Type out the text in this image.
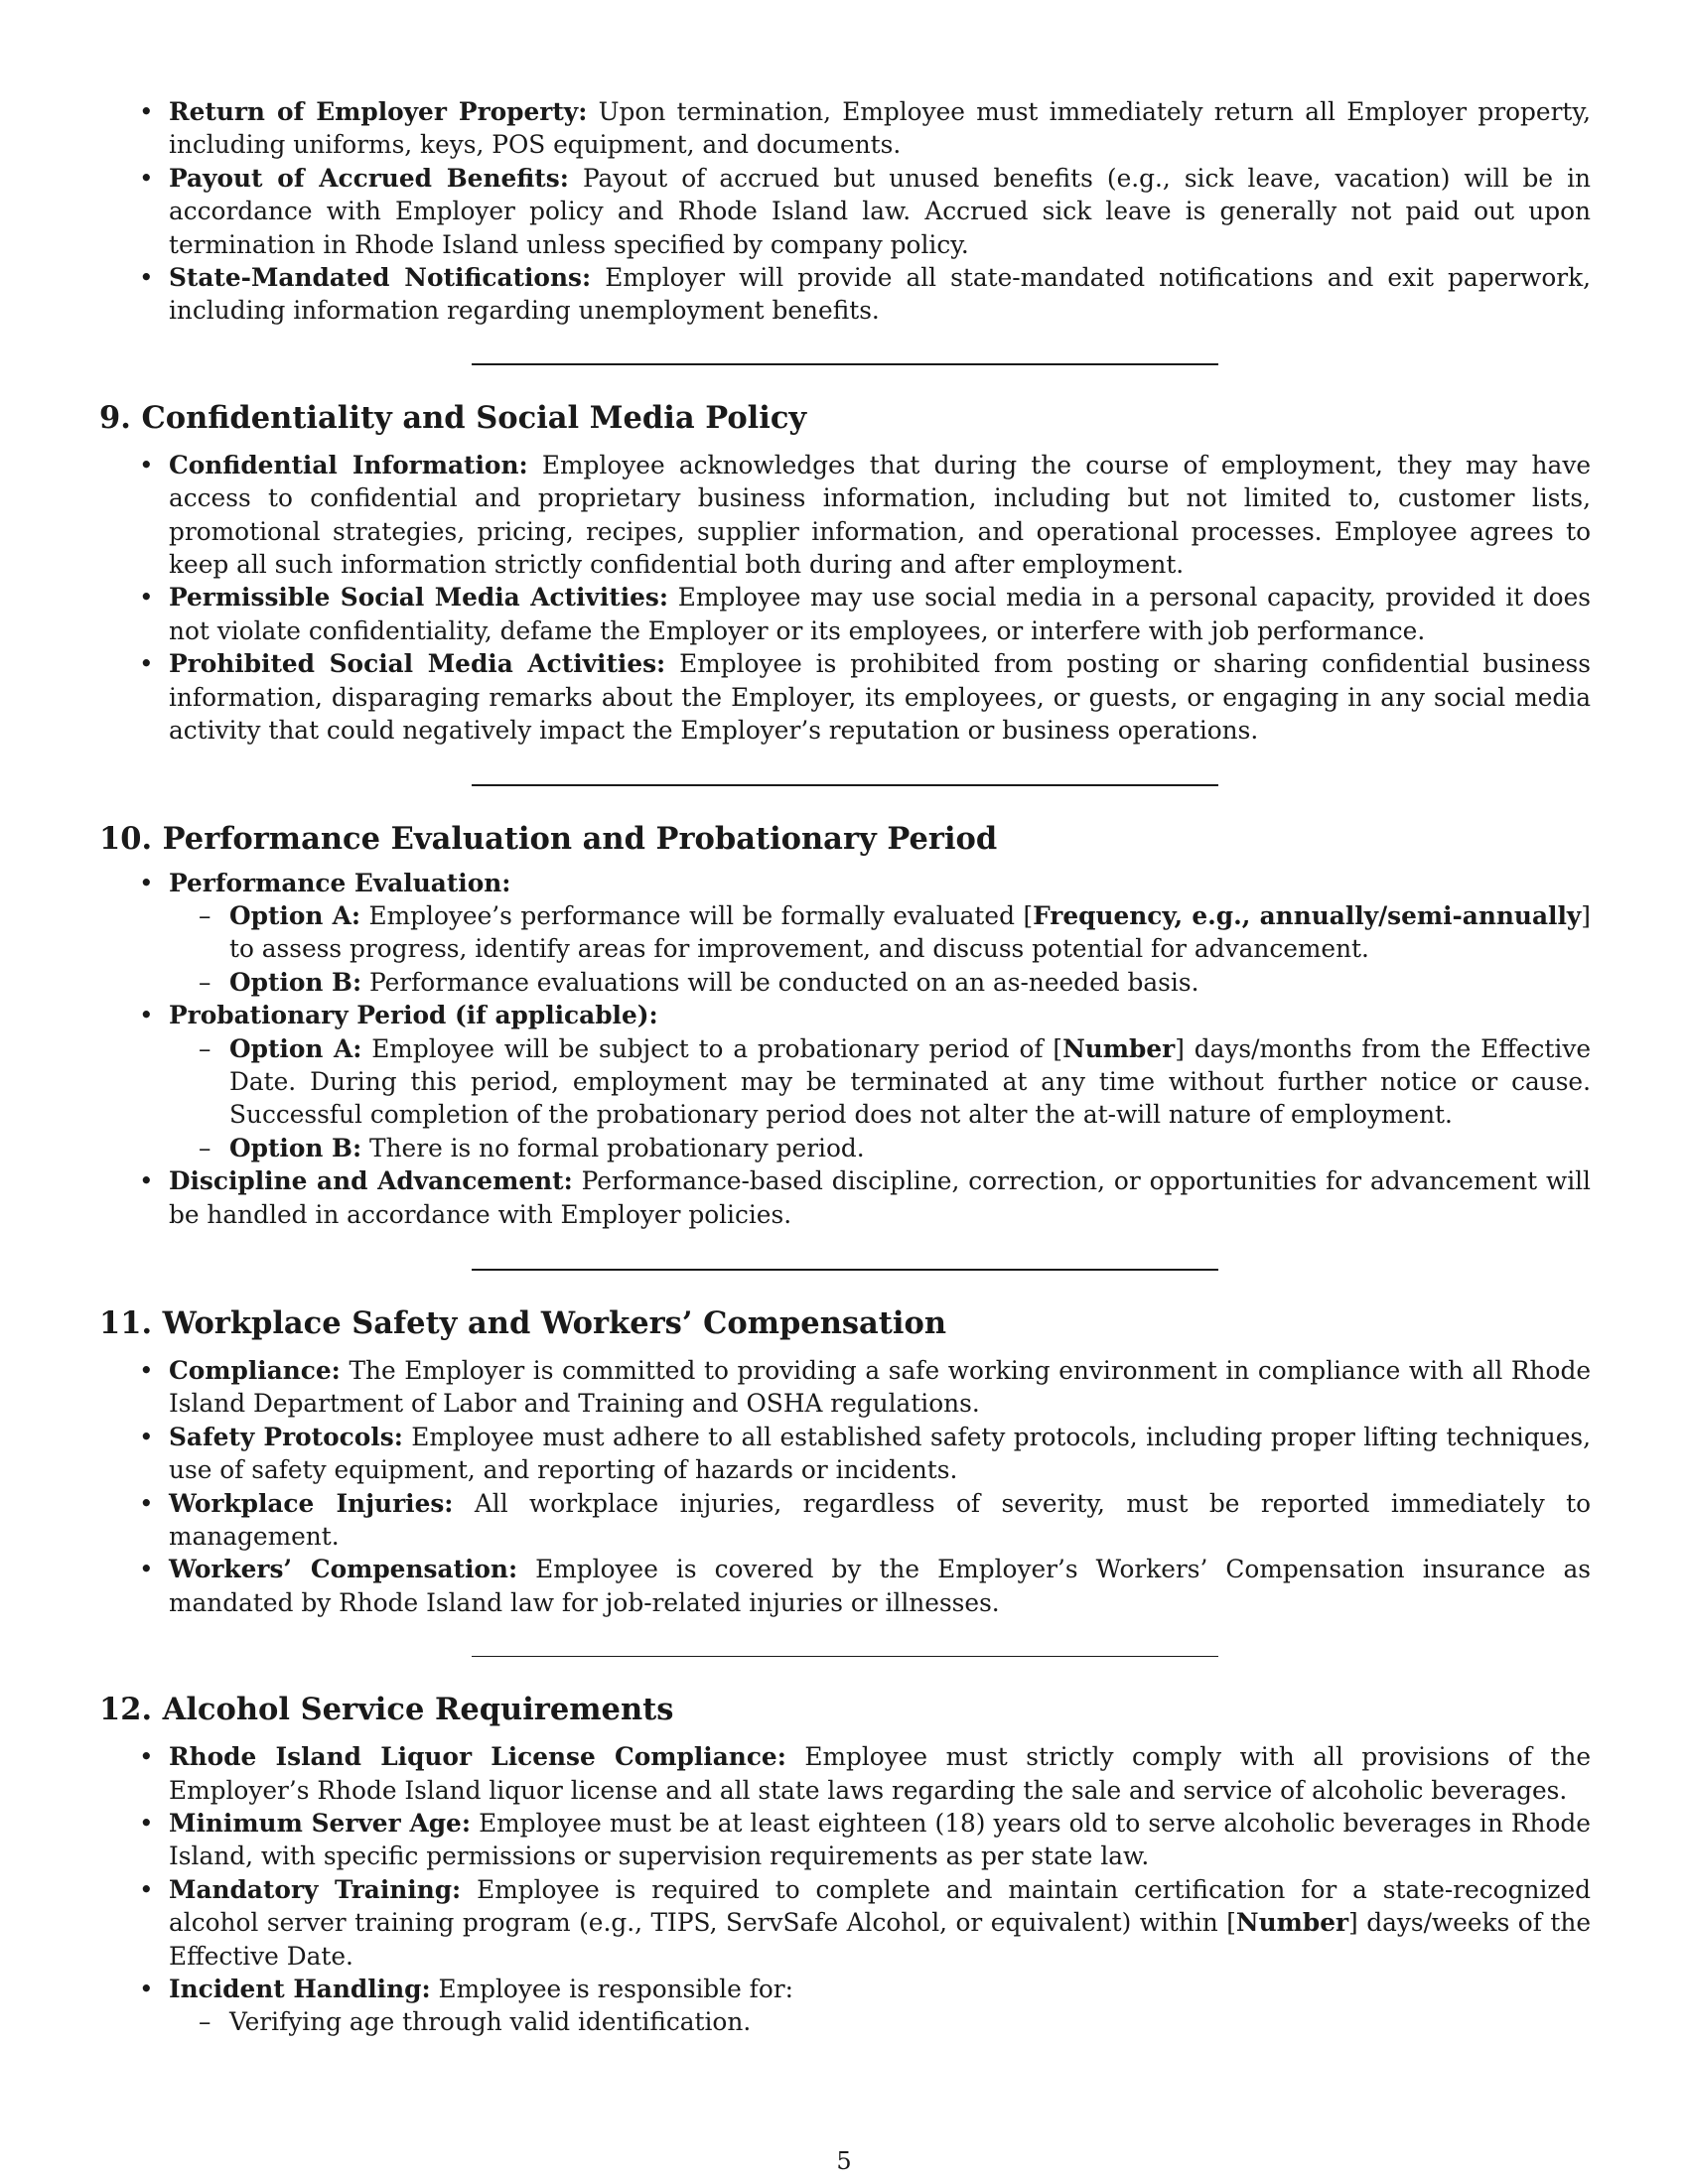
• Return of Employer Property: Upon termination, Employee must immediately return all Employer property, including uniforms, keys, POS equipment, and documents.
• Payout of Accrued Benefits: Payout of accrued but unused benefits (e.g., sick leave, vacation) will be in accordance with Employer policy and Rhode Island law. Accrued sick leave is generally not paid out upon termination in Rhode Island unless specified by company policy.
• State-Mandated Notifications: Employer will provide all state-mandated notifications and exit paperwork, including information regarding unemployment benefits.
9. Confidentiality and Social Media Policy
• Confidential Information: Employee acknowledges that during the course of employment, they may have access to confidential and proprietary business information, including but not limited to, customer lists, promotional strategies, pricing, recipes, supplier information, and operational processes. Employee agrees to keep all such information strictly confidential both during and after employment.
• Permissible Social Media Activities: Employee may use social media in a personal capacity, provided it does not violate confidentiality, defame the Employer or its employees, or interfere with job performance.
• Prohibited Social Media Activities: Employee is prohibited from posting or sharing confidential business information, disparaging remarks about the Employer, its employees, or guests, or engaging in any social media activity that could negatively impact the Employer’s reputation or business operations.
10. Performance Evaluation and Probationary Period
• Performance Evaluation:
– Option A: Employee’s performance will be formally evaluated [Frequency, e.g., annually/semi-annually] to assess progress, identify areas for improvement, and discuss potential for advancement.
– Option B: Performance evaluations will be conducted on an as-needed basis.
• Probationary Period (if applicable):
– Option A: Employee will be subject to a probationary period of [Number] days/months from the Effective Date. During this period, employment may be terminated at any time without further notice or cause. Successful completion of the probationary period does not alter the at-will nature of employment.
– Option B: There is no formal probationary period.
• Discipline and Advancement: Performance-based discipline, correction, or opportunities for advancement will be handled in accordance with Employer policies.
11. Workplace Safety and Workers’ Compensation
• Compliance: The Employer is committed to providing a safe working environment in compliance with all Rhode Island Department of Labor and Training and OSHA regulations.
• Safety Protocols: Employee must adhere to all established safety protocols, including proper lifting techniques, use of safety equipment, and reporting of hazards or incidents.
• Workplace Injuries: All workplace injuries, regardless of severity, must be reported immediately to management.
• Workers’ Compensation: Employee is covered by the Employer’s Workers’ Compensation insurance as mandated by Rhode Island law for job-related injuries or illnesses.
12. Alcohol Service Requirements
• Rhode Island Liquor License Compliance: Employee must strictly comply with all provisions of the Employer’s Rhode Island liquor license and all state laws regarding the sale and service of alcoholic beverages.
• Minimum Server Age: Employee must be at least eighteen (18) years old to serve alcoholic beverages in Rhode Island, with specific permissions or supervision requirements as per state law.
• Mandatory Training: Employee is required to complete and maintain certification for a state-recognized alcohol server training program (e.g., TIPS, ServSafe Alcohol, or equivalent) within [Number] days/weeks of the Effective Date.
• Incident Handling: Employee is responsible for:
– Verifying age through valid identification.
5
